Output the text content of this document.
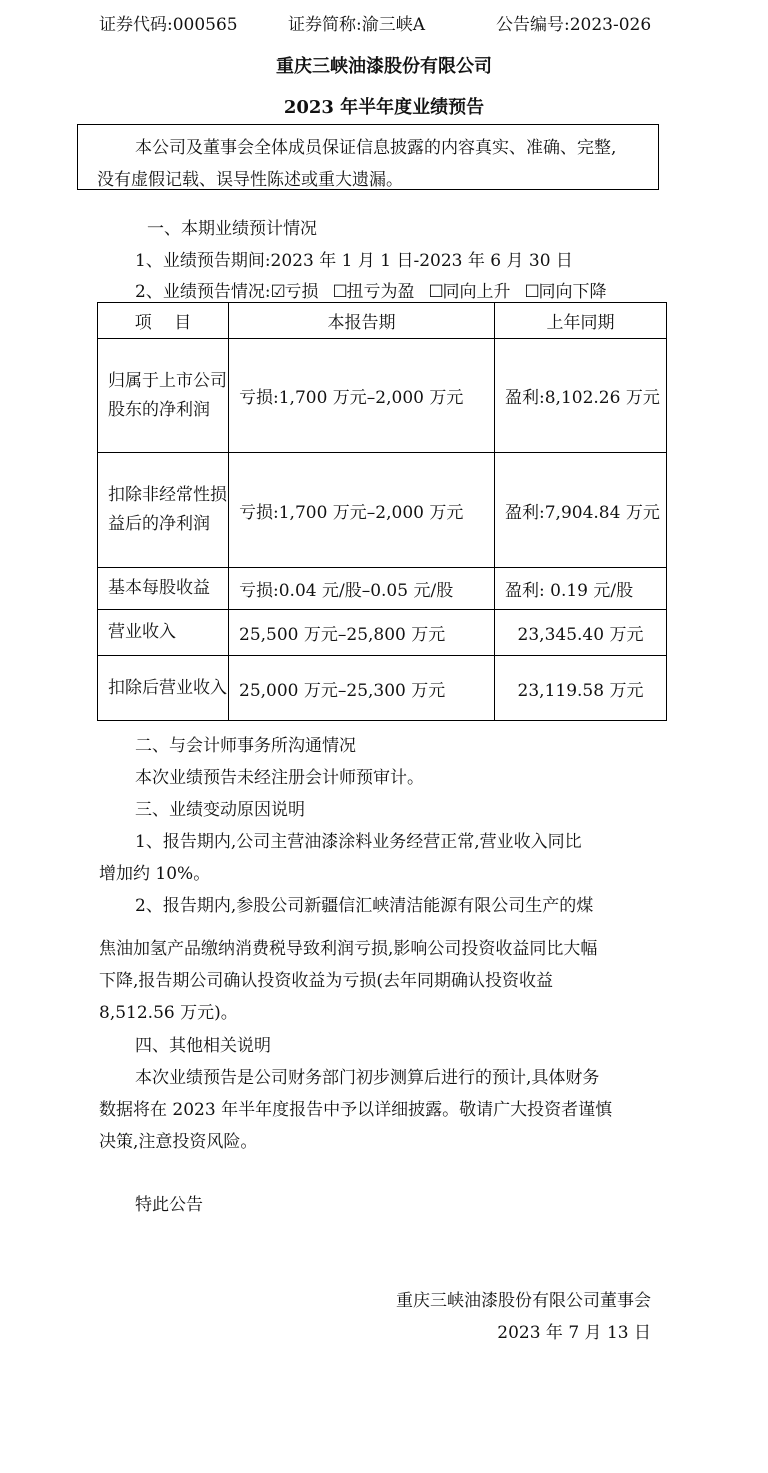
证券代码:000565	证券简称:渝三峡A	公告编号:2023-026
重庆三峡油漆股份有限公司
2023 年半年度业绩预告
本公司及董事会全体成员保证信息披露的内容真实、准确、完整,
没有虚假记载、误导性陈述或重大遗漏。
一、本期业绩预计情况
1、业绩预告期间:2023 年 1 月 1 日-2023 年 6 月 30 日
2、业绩预告情况:☑亏损 ☐扭亏为盈 ☐同向上升 ☐同向下降
项　 目	本报告期	上年同期
归属于上市公司股东的净利润	亏损:1,700 万元–2,000 万元	盈利:8,102.26 万元
扣除非经常性损益后的净利润	亏损:1,700 万元–2,000 万元	盈利:7,904.84 万元
基本每股收益	亏损:0.04 元/股–0.05 元/股	盈利: 0.19 元/股
营业收入	25,500 万元–25,800 万元	23,345.40 万元
扣除后营业收入	25,000 万元–25,300 万元	23,119.58 万元
二、与会计师事务所沟通情况
本次业绩预告未经注册会计师预审计。
三、业绩变动原因说明
1、报告期内,公司主营油漆涂料业务经营正常,营业收入同比
增加约 10%。
2、报告期内,参股公司新疆信汇峡清洁能源有限公司生产的煤
焦油加氢产品缴纳消费税导致利润亏损,影响公司投资收益同比大幅
下降,报告期公司确认投资收益为亏损(去年同期确认投资收益
8,512.56 万元)。
四、其他相关说明
本次业绩预告是公司财务部门初步测算后进行的预计,具体财务
数据将在 2023 年半年度报告中予以详细披露。敬请广大投资者谨慎
决策,注意投资风险。
特此公告
重庆三峡油漆股份有限公司董事会
2023 年 7 月 13 日
